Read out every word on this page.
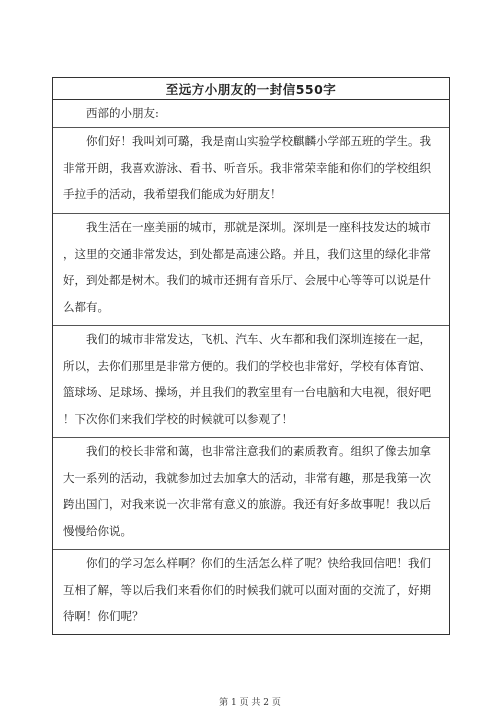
至远方小朋友的一封信550字
西部的小朋友:
你们好！我叫刘可璐，我是南山实验学校麒麟小学部五班的学生。我
非常开朗，我喜欢游泳、看书、听音乐。我非常荣幸能和你们的学校组织
手拉手的活动，我希望我们能成为好朋友！
我生活在一座美丽的城市，那就是深圳。深圳是一座科技发达的城市
，这里的交通非常发达，到处都是高速公路。并且，我们这里的绿化非常
好，到处都是树木。我们的城市还拥有音乐厅、会展中心等等可以说是什
么都有。
我们的城市非常发达，飞机、汽车、火车都和我们深圳连接在一起，
所以，去你们那里是非常方便的。我们的学校也非常好，学校有体育馆、
篮球场、足球场、操场，并且我们的教室里有一台电脑和大电视，很好吧
！下次你们来我们学校的时候就可以参观了！
我们的校长非常和蔼，也非常注意我们的素质教育。组织了像去加拿
大一系列的活动，我就参加过去加拿大的活动，非常有趣，那是我第一次
跨出国门，对我来说一次非常有意义的旅游。我还有好多故事呢！我以后
慢慢给你说。
你们的学习怎么样啊？你们的生活怎么样了呢？快给我回信吧！我们
互相了解，等以后我们来看你们的时候我们就可以面对面的交流了，好期
待啊！你们呢？
第 1 页 共 2 页
